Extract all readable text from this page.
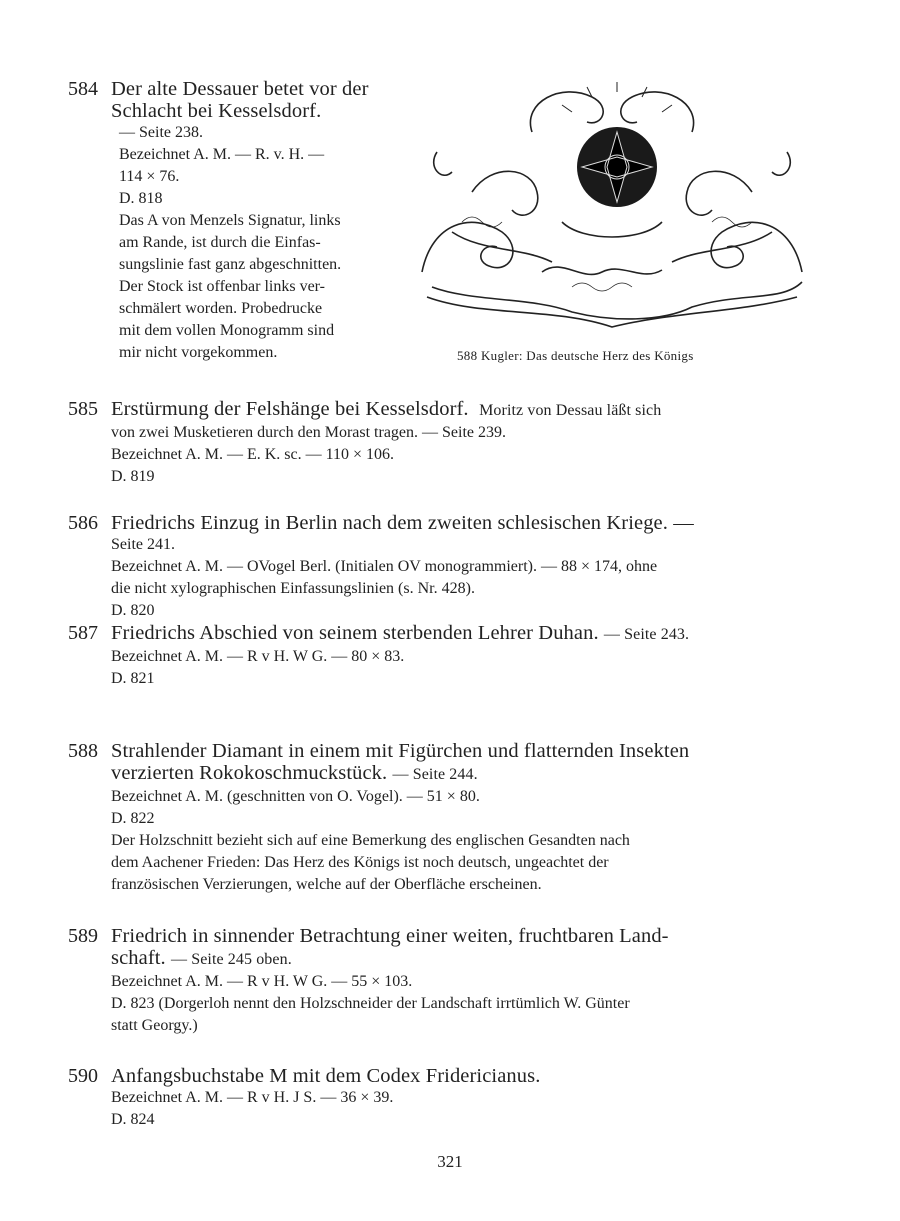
584 Der alte Dessauer betet vor der Schlacht bei Kesselsdorf.
— Seite 238.
Bezeichnet A. M. — R. v. H. —
114 × 76.
D. 818
Das A von Menzels Signatur, links
am Rande, ist durch die Einfas-
sungslinie fast ganz abgeschnitten.
Der Stock ist offenbar links ver-
schmälert worden. Probedrucke
mit dem vollen Monogramm sind
mir nicht vorgekommen.	588 Kugler: Das deutsche Herz des Königs
585 Erstürmung der Felshänge bei Kesselsdorf. Moritz von Dessau läßt sich
von zwei Musketieren durch den Morast tragen. — Seite 239.
Bezeichnet A. M. — E. K. sc. — 110 × 106.
D. 819
586 Friedrichs Einzug in Berlin nach dem zweiten schlesischen Kriege. —
Seite 241.
Bezeichnet A. M. — OVogel Berl. (Initialen OV monogrammiert). — 88 × 174, ohne
die nicht xylographischen Einfassungslinien (s. Nr. 428).
D. 820
587 Friedrichs Abschied von seinem sterbenden Lehrer Duhan. — Seite 243.
Bezeichnet A. M. — R v H. W G. — 80 × 83.
D. 821
588 Strahlender Diamant in einem mit Figürchen und flatternden Insekten
verzierten Rokokoschmuckstück. — Seite 244.
Bezeichnet A. M. (geschnitten von O. Vogel). — 51 × 80.
D. 822
Der Holzschnitt bezieht sich auf eine Bemerkung des englischen Gesandten nach
dem Aachener Frieden: Das Herz des Königs ist noch deutsch, ungeachtet der
französischen Verzierungen, welche auf der Oberfläche erscheinen.
589 Friedrich in sinnender Betrachtung einer weiten, fruchtbaren Land-
schaft. — Seite 245 oben.
Bezeichnet A. M. — R v H. W G. — 55 × 103.
D. 823 (Dorgerloh nennt den Holzschneider der Landschaft irrtümlich W. Günter
statt Georgy.)
590 Anfangsbuchstabe M mit dem Codex Fridericianus.
Bezeichnet A. M. — R v H. J S. — 36 × 39.
D. 824
321
